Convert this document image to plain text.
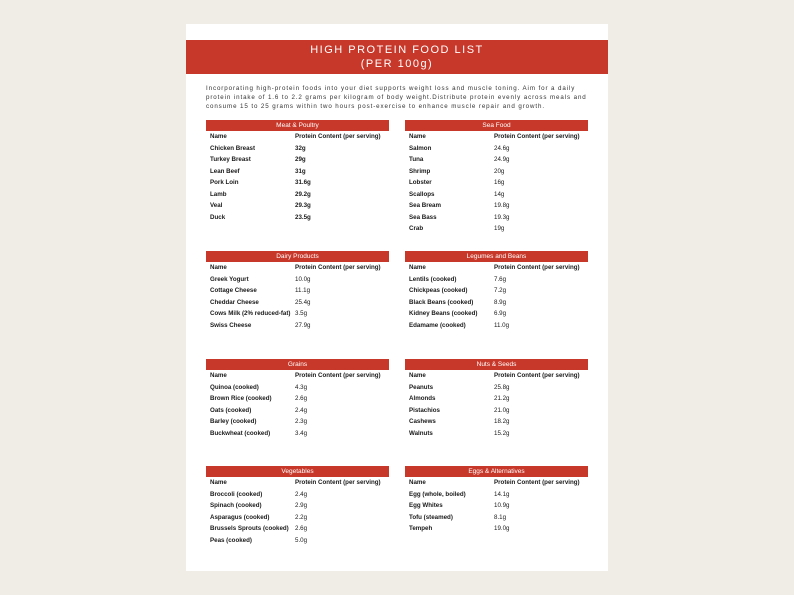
HIGH PROTEIN FOOD LIST
(PER 100g)

Incorporating high-protein foods into your diet supports weight loss and muscle toning. Aim for a daily protein intake of 1.6 to 2.2 grams per kilogram of body weight.Distribute protein evenly across meals and consume 15 to 25 grams within two hours post-exercise to enhance muscle repair and growth.

Meat & Poultry
Name	Protein Content (per serving)
Chicken Breast	32g
Turkey Breast	29g
Lean Beef	31g
Pork Loin	31.6g
Lamb	29.2g
Veal	29.3g
Duck	23.5g
Sea Food
Name	Protein Content (per serving)
Salmon	24.6g
Tuna	24.9g
Shrimp	20g
Lobster	16g
Scallops	14g
Sea Bream	19.8g
Sea Bass	19.3g
Crab	19g
Dairy Products
Name	Protein Content (per serving)
Greek Yogurt	10.0g
Cottage Cheese	11.1g
Cheddar Cheese	25.4g
Cows Milk (2% reduced-fat) 3.5g
Swiss Cheese	27.9g
Legumes and Beans
Name	Protein Content (per serving)
Lentils (cooked)	7.6g
Chickpeas (cooked)	7.2g
Black Beans (cooked)	8.9g
Kidney Beans (cooked)	6.9g
Edamame (cooked)	11.0g
Grains
Name	Protein Content (per serving)
Quinoa (cooked)	4.3g
Brown Rice (cooked)	2.6g
Oats (cooked)	2.4g
Barley (cooked)	2.3g
Buckwheat (cooked)	3.4g
Nuts & Seeds
Name	Protein Content (per serving)
Peanuts	25.8g
Almonds	21.2g
Pistachios	21.0g
Cashews	18.2g
Walnuts	15.2g
Vegetables
Name	Protein Content (per serving)
Broccoli (cooked)	2.4g
Spinach (cooked)	2.9g
Asparagus (cooked)	2.2g
Brussels Sprouts (cooked)	2.6g
Peas (cooked)	5.0g
Eggs & Alternatives
Name	Protein Content (per serving)
Egg (whole, boiled)	14.1g
Egg Whites	10.9g
Tofu (steamed)	8.1g
Tempeh	19.0g
